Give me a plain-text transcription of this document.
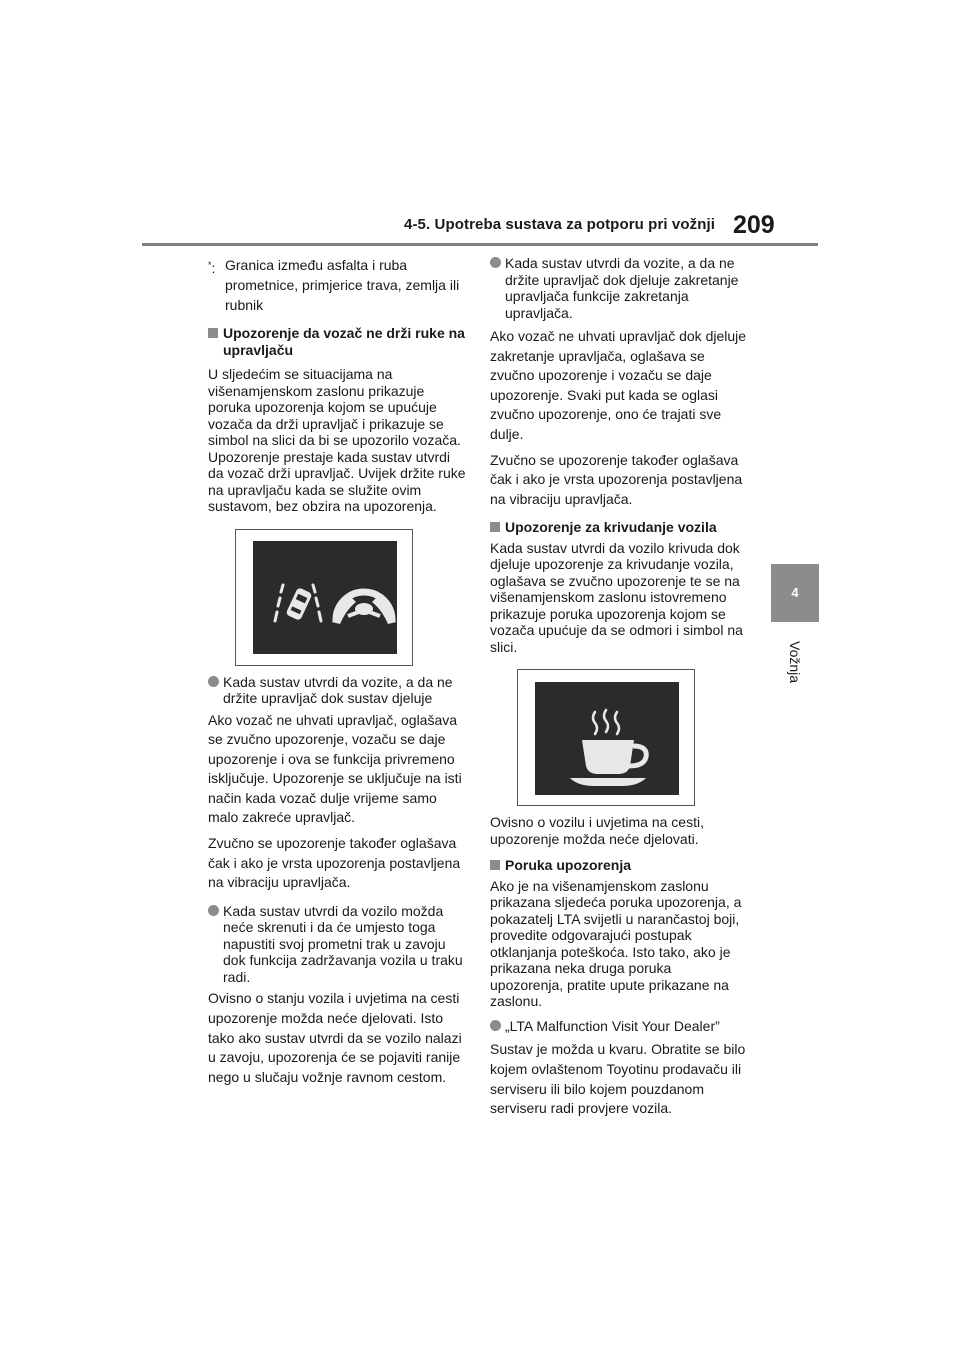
4-5. Upotreba sustava za potporu pri vožnji 209
4
Vožnja
*: Granica između asfalta i ruba prometnice, primjerice trava, zemlja ili rubnik
Upozorenje da vozač ne drži ruke na upravljaču
U sljedećim se situacijama na višenamjenskom zaslonu prikazuje poruka upozorenja kojom se upućuje vozača da drži upravljač i prikazuje se simbol na slici da bi se upozorilo vozača. Upozorenje prestaje kada sustav utvrdi da vozač drži upravljač. Uvijek držite ruke na upravljaču kada se služite ovim sustavom, bez obzira na upozorenja.
Kada sustav utvrdi da vozite, a da ne držite upravljač dok sustav djeluje
Ako vozač ne uhvati upravljač, oglašava se zvučno upozorenje, vozaču se daje upozorenje i ova se funkcija privremeno isključuje. Upozorenje se uključuje na isti način kada vozač dulje vrijeme samo malo zakreće upravljač.
Zvučno se upozorenje također oglašava čak i ako je vrsta upozorenja postavljena na vibraciju upravljača.
Kada sustav utvrdi da vozilo možda neće skrenuti i da će umjesto toga napustiti svoj prometni trak u zavoju dok funkcija zadržavanja vozila u traku radi.
Ovisno o stanju vozila i uvjetima na cesti upozorenje možda neće djelovati. Isto tako ako sustav utvrdi da se vozilo nalazi u zavoju, upozorenja će se pojaviti ranije nego u slučaju vožnje ravnom cestom.
Kada sustav utvrdi da vozite, a da ne držite upravljač dok djeluje zakretanje upravljača funkcije zakretanja upravljača.
Ako vozač ne uhvati upravljač dok djeluje zakretanje upravljača, oglašava se zvučno upozorenje i vozaču se daje upozorenje. Svaki put kada se oglasi zvučno upozorenje, ono će trajati sve dulje.
Zvučno se upozorenje također oglašava čak i ako je vrsta upozorenja postavljena na vibraciju upravljača.
Upozorenje za krivudanje vozila
Kada sustav utvrdi da vozilo krivuda dok djeluje upozorenje za krivudanje vozila, oglašava se zvučno upozorenje te se na višenamjenskom zaslonu istovremeno prikazuje poruka upozorenja kojom se vozača upućuje da se odmori i simbol na slici.
Ovisno o vozilu i uvjetima na cesti, upozorenje možda neće djelovati.
Poruka upozorenja
Ako je na višenamjenskom zaslonu prikazana sljedeća poruka upozorenja, a pokazatelj LTA svijetli u narančastoj boji, provedite odgovarajući postupak otklanjanja poteškoća. Isto tako, ako je prikazana neka druga poruka upozorenja, pratite upute prikazane na zaslonu.
„LTA Malfunction Visit Your Dealer”
Sustav je možda u kvaru. Obratite se bilo kojem ovlaštenom Toyotinu prodavaču ili serviseru ili bilo kojem pouzdanom serviseru radi provjere vozila.
